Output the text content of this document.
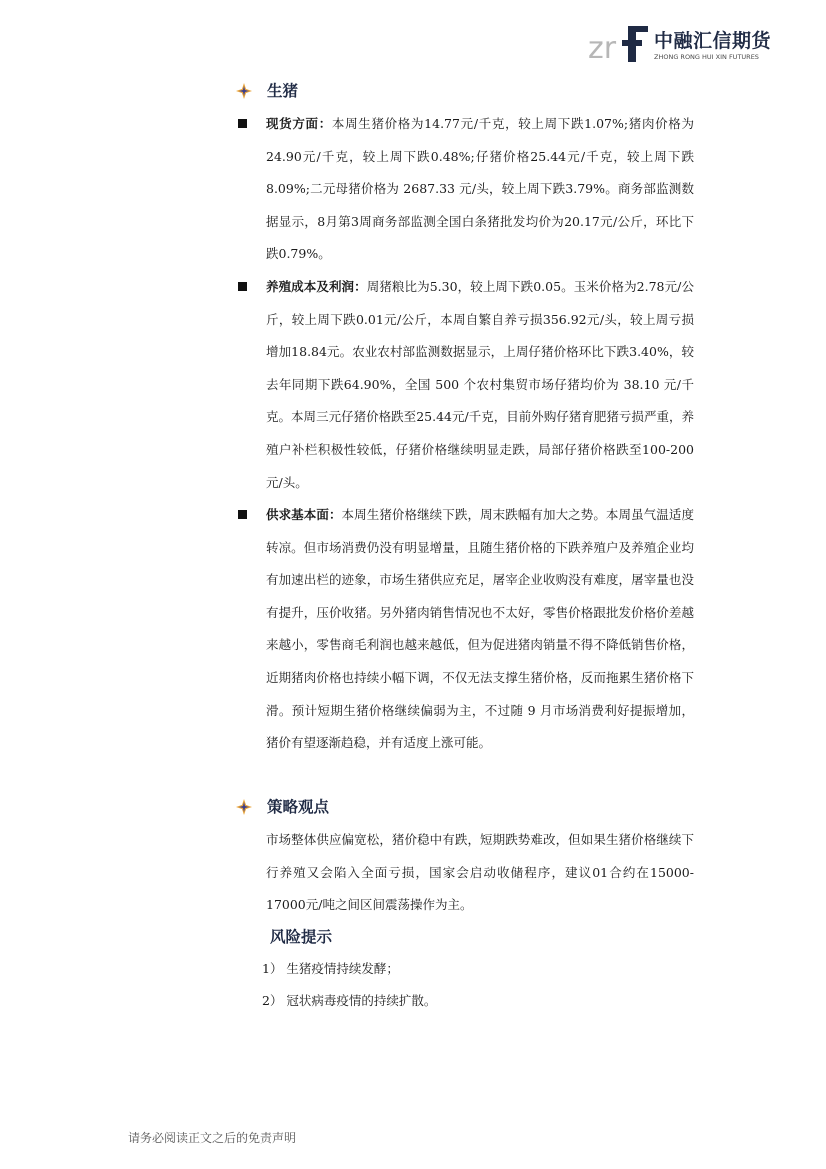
zr 中融汇信期货
ZHONG RONG HUI XIN FUTURES
生猪
现货方面：本周生猪价格为14.77元/千克，较上周下跌1.07%;猪肉价格为24.90元/千克，较上周下跌0.48%;仔猪价格25.44元/千克，较上周下跌 8.09%;二元母猪价格为 2687.33 元/头，较上周下跌3.79%。商务部监测数据显示，8月第3周商务部监测全国白条猪批发均价为20.17元/公斤，环比下跌0.79%。
养殖成本及利润：周猪粮比为5.30，较上周下跌0.05。玉米价格为2.78元/公斤，较上周下跌0.01元/公斤，本周自繁自养亏损356.92元/头，较上周亏损增加18.84元。农业农村部监测数据显示，上周仔猪价格环比下跌3.40%，较去年同期下跌64.90%，全国 500 个农村集贸市场仔猪均价为 38.10 元/千克。本周三元仔猪价格跌至25.44元/千克，目前外购仔猪育肥猪亏损严重，养殖户补栏积极性较低，仔猪价格继续明显走跌，局部仔猪价格跌至100-200元/头。
供求基本面：本周生猪价格继续下跌，周末跌幅有加大之势。本周虽气温适度转凉。但市场消费仍没有明显增量，且随生猪价格的下跌养殖户及养殖企业均有加速出栏的迹象，市场生猪供应充足，屠宰企业收购没有难度，屠宰量也没有提升，压价收猪。另外猪肉销售情况也不太好，零售价格跟批发价格价差越来越小，零售商毛利润也越来越低，但为促进猪肉销量不得不降低销售价格，近期猪肉价格也持续小幅下调，不仅无法支撑生猪价格，反而拖累生猪价格下滑。预计短期生猪价格继续偏弱为主，不过随 9 月市场消费利好提振增加，猪价有望逐渐趋稳，并有适度上涨可能。
策略观点
市场整体供应偏宽松，猪价稳中有跌，短期跌势难改，但如果生猪价格继续下行养殖又会陷入全面亏损，国家会启动收储程序，建议01合约在15000-17000元/吨之间区间震荡操作为主。
风险提示
1） 生猪疫情持续发酵；
2） 冠状病毒疫情的持续扩散。
请务必阅读正文之后的免责声明
